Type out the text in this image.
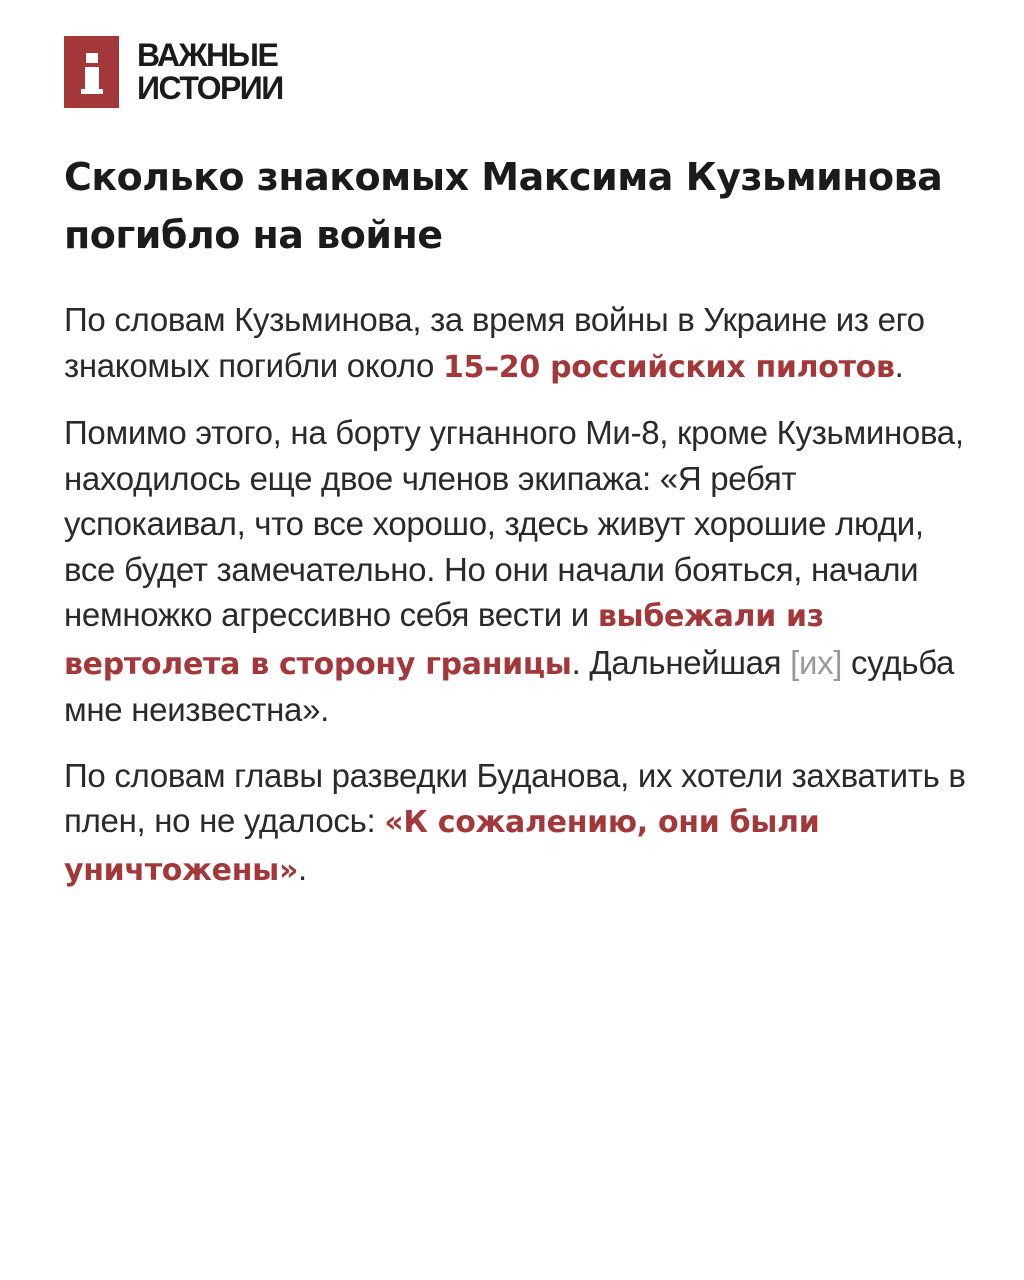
ВАЖНЫЕ
ИСТОРИИ
Сколько знакомых Максима Кузьминова погибло на войне

По словам Кузьминова, за время войны в Украине из его знакомых погибли около 15–20 российских пилотов.

Помимо этого, на борту угнанного Ми-8, кроме Кузьминова, находилось еще двое членов экипажа: «Я ребят успокаивал, что все хорошо, здесь живут хорошие люди, все будет замечательно. Но они начали бояться, начали немножко агрессивно себя вести и выбежали из вертолета в сторону границы. Дальнейшая [их] судьба мне неизвестна».

По словам главы разведки Буданова, их хотели захватить в плен, но не удалось: «К сожалению, они были уничтожены».
